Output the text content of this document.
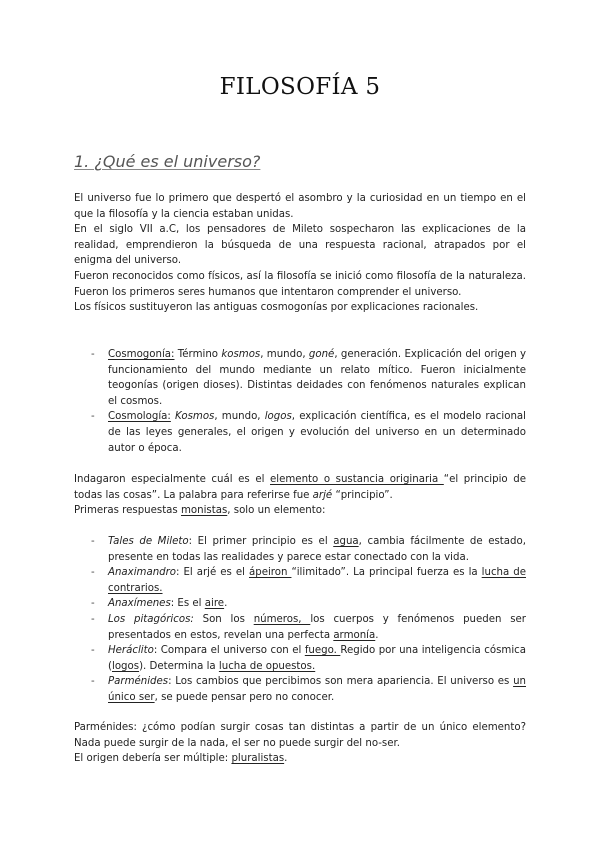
FILOSOFÍA 5
1. ¿Qué es el universo?

El universo fue lo primero que despertó el asombro y la curiosidad en un tiempo en el que la filosofía y la ciencia estaban unidas.

En el siglo VII a.C, los pensadores de Mileto sospecharon las explicaciones de la realidad, emprendieron la búsqueda de una respuesta racional, atrapados por el enigma del universo.

Fueron reconocidos como físicos, así la filosofía se inició como filosofía de la naturaleza. Fueron los primeros seres humanos que intentaron comprender el universo.

Los físicos sustituyeron las antiguas cosmogonías por explicaciones racionales.

- Cosmogonía: Término kosmos, mundo, goné, generación. Explicación del origen y funcionamiento del mundo mediante un relato mítico. Fueron inicialmente teogonías (origen dioses). Distintas deidades con fenómenos naturales explican el cosmos.
- Cosmología: Kosmos, mundo, logos, explicación científica, es el modelo racional de las leyes generales, el origen y evolución del universo en un determinado autor o época.

Indagaron especialmente cuál es el elemento o sustancia originaria “el principio de todas las cosas”. La palabra para referirse fue arjé “principio”.

Primeras respuestas monistas, solo un elemento:

- Tales de Mileto: El primer principio es el agua, cambia fácilmente de estado, presente en todas las realidades y parece estar conectado con la vida.
- Anaximandro: El arjé es el ápeiron “ilimitado”. La principal fuerza es la lucha de contrarios.
- Anaxímenes: Es el aire.
- Los pitagóricos: Son los números, los cuerpos y fenómenos pueden ser presentados en estos, revelan una perfecta armonía.
- Heráclito: Compara el universo con el fuego. Regido por una inteligencia cósmica (logos). Determina la lucha de opuestos.
- Parménides: Los cambios que percibimos son mera apariencia. El universo es un único ser, se puede pensar pero no conocer.

Parménides: ¿cómo podían surgir cosas tan distintas a partir de un único elemento? Nada puede surgir de la nada, el ser no puede surgir del no-ser.

El origen debería ser múltiple: pluralistas.
